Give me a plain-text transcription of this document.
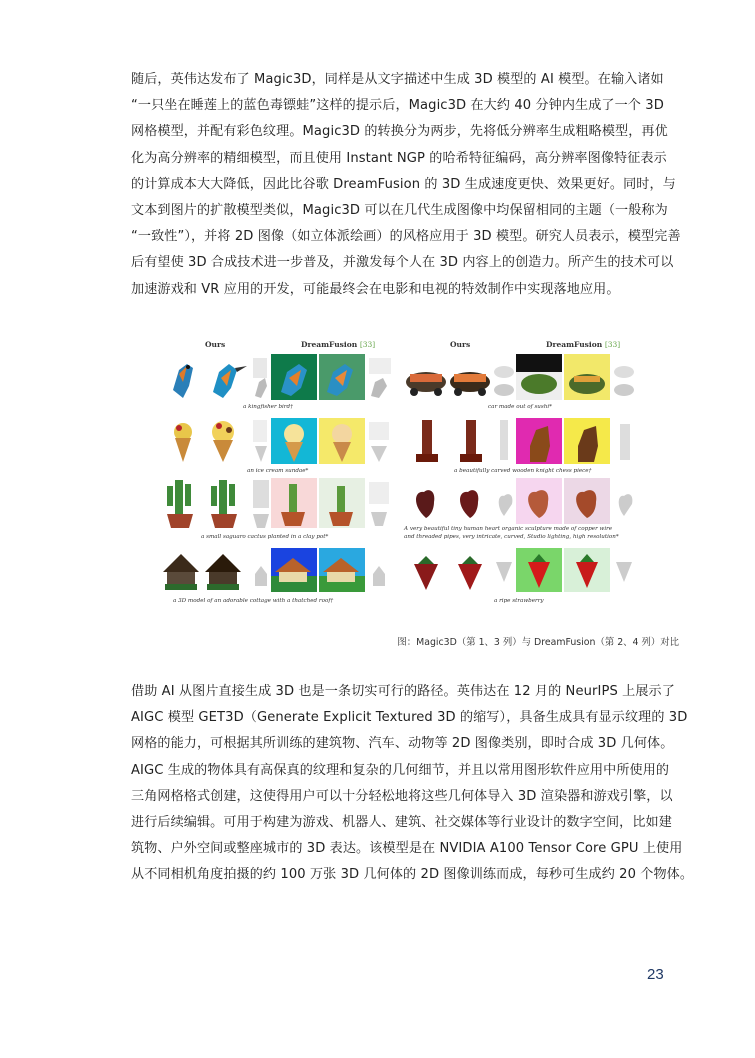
随后，英伟达发布了 Magic3D，同样是从文字描述中生成 3D 模型的 AI 模型。在输入诸如
“一只坐在睡莲上的蓝色毒镖蛙”这样的提示后，Magic3D 在大约 40 分钟内生成了一个 3D
网格模型，并配有彩色纹理。Magic3D 的转换分为两步，先将低分辨率生成粗略模型，再优
化为高分辨率的精细模型，而且使用 Instant NGP 的哈希特征编码，高分辨率图像特征表示
的计算成本大大降低，因此比谷歌 DreamFusion 的 3D 生成速度更快、效果更好。同时，与
文本到图片的扩散模型类似，Magic3D 可以在几代生成图像中均保留相同的主题（一般称为
“一致性”），并将 2D 图像（如立体派绘画）的风格应用于 3D 模型。研究人员表示，模型完善
后有望使 3D 合成技术进一步普及，并激发每个人在 3D 内容上的创造力。所产生的技术可以
加速游戏和 VR 应用的开发，可能最终会在电影和电视的特效制作中实现落地应用。
Ours	DreamFusion [33]
a kingfisher bird†
an ice cream sundae*
a small saguaro cactus planted in a clay pot*
a 3D model of an adorable cottage with a thatched roof†
Ours	DreamFusion [33]
car made out of sushi*
a beautifully carved wooden knight chess piece†
A very beautiful tiny human heart organic sculpture made of copper wire
and threaded pipes, very intricate, curved, Studio lighting, high resolution*
a ripe strawberry
图：Magic3D（第 1、3 列）与 DreamFusion（第 2、4 列）对比
借助 AI 从图片直接生成 3D 也是一条切实可行的路径。英伟达在 12 月的 NeurIPS 上展示了
AIGC 模型 GET3D（Generate Explicit Textured 3D 的缩写），具备生成具有显示纹理的 3D
网格的能力，可根据其所训练的建筑物、汽车、动物等 2D 图像类别，即时合成 3D 几何体。
AIGC 生成的物体具有高保真的纹理和复杂的几何细节，并且以常用图形软件应用中所使用的
三角网格格式创建，这使得用户可以十分轻松地将这些几何体导入 3D 渲染器和游戏引擎，以
进行后续编辑。可用于构建为游戏、机器人、建筑、社交媒体等行业设计的数字空间，比如建
筑物、户外空间或整座城市的 3D 表达。该模型是在 NVIDIA A100 Tensor Core GPU 上使用
从不同相机角度拍摄的约 100 万张 3D 几何体的 2D 图像训练而成，每秒可生成约 20 个物体。
23
